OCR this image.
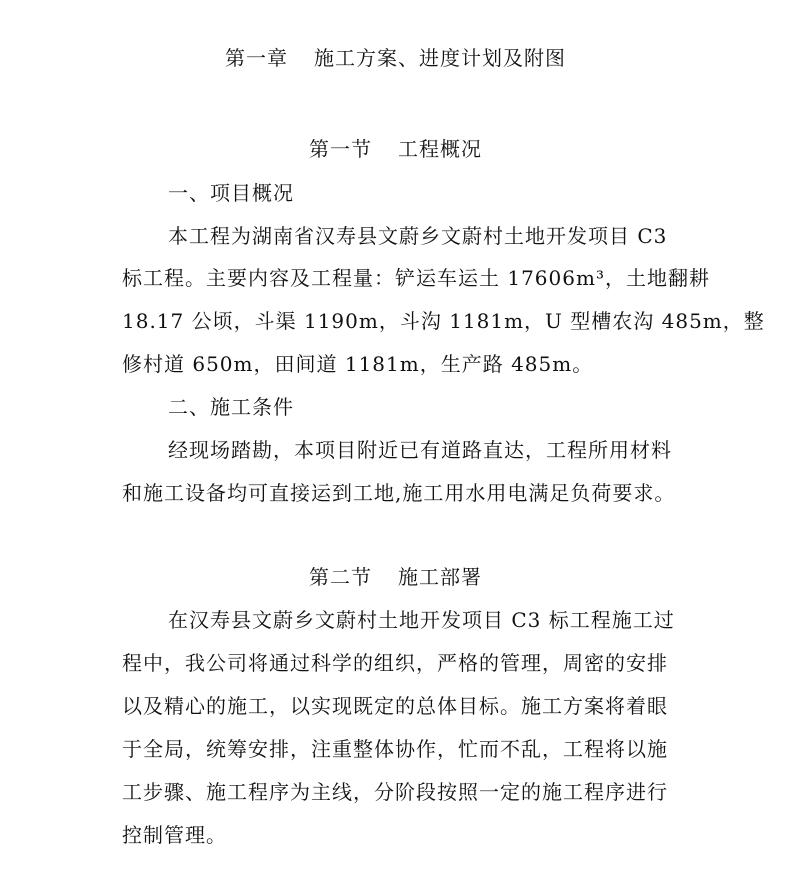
第一章 施工方案、进度计划及附图
第一节 工程概况
一、项目概况
本工程为湖南省汉寿县文蔚乡文蔚村土地开发项目 C3
标工程。主要内容及工程量：铲运车运土 17606m³，土地翻耕
18.17 公顷，斗渠 1190m，斗沟 1181m，U 型槽农沟 485m，整
修村道 650m，田间道 1181m，生产路 485m。
二、施工条件
经现场踏勘，本项目附近已有道路直达，工程所用材料
和施工设备均可直接运到工地,施工用水用电满足负荷要求。
第二节 施工部署
在汉寿县文蔚乡文蔚村土地开发项目 C3 标工程施工过
程中，我公司将通过科学的组织，严格的管理，周密的安排
以及精心的施工，以实现既定的总体目标。施工方案将着眼
于全局，统筹安排，注重整体协作，忙而不乱，工程将以施
工步骤、施工程序为主线，分阶段按照一定的施工程序进行
控制管理。
